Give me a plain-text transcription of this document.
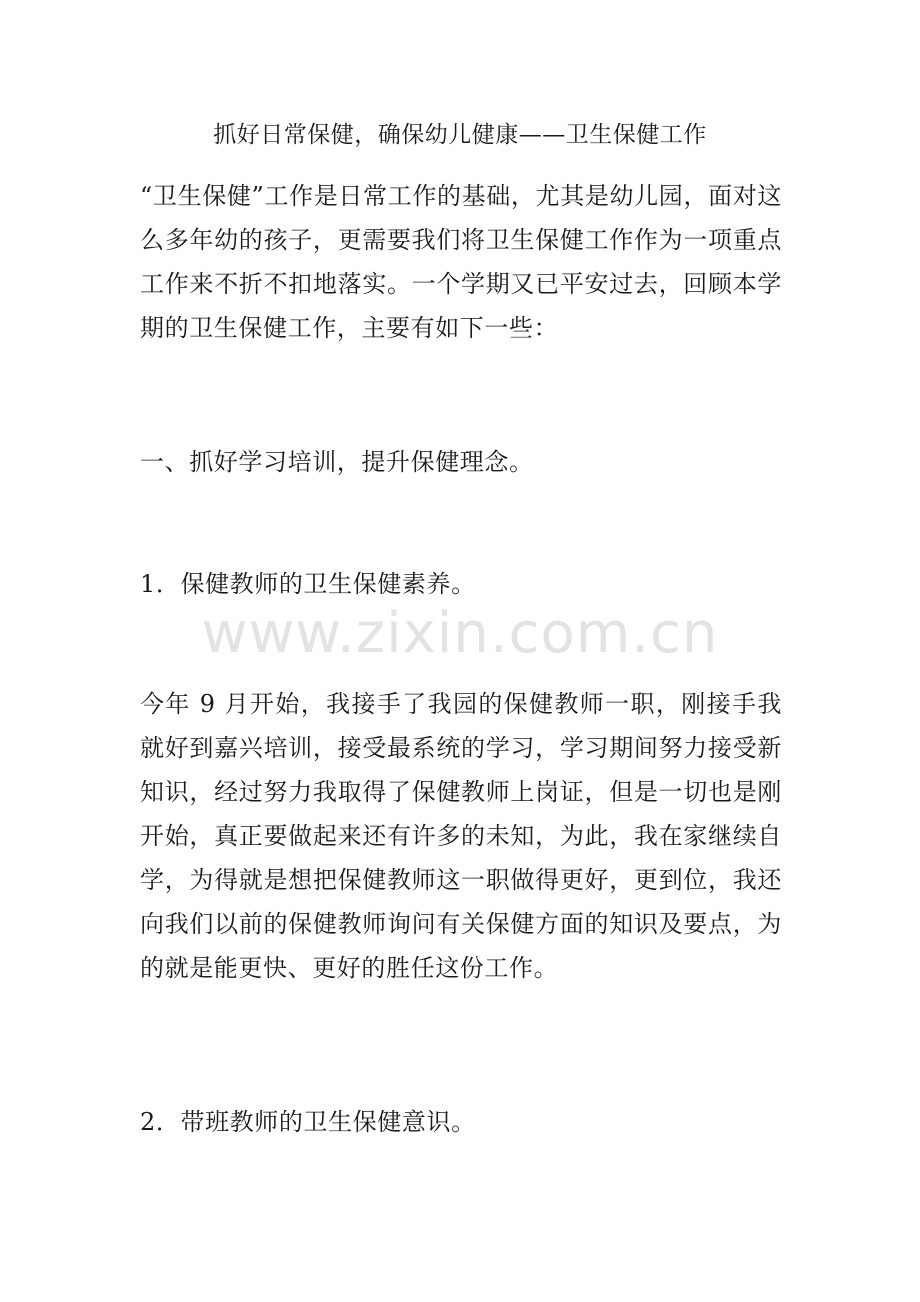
抓好日常保健，确保幼儿健康——卫生保健工作

“卫生保健”工作是日常工作的基础，尤其是幼儿园，面对这么多年幼的孩子，更需要我们将卫生保健工作作为一项重点工作来不折不扣地落实。一个学期又已平安过去，回顾本学期的卫生保健工作，主要有如下一些：

一、抓好学习培训，提升保健理念。

1．保健教师的卫生保健素养。

今年 9 月开始，我接手了我园的保健教师一职，刚接手我就好到嘉兴培训，接受最系统的学习，学习期间努力接受新知识，经过努力我取得了保健教师上岗证，但是一切也是刚开始，真正要做起来还有许多的未知，为此，我在家继续自学，为得就是想把保健教师这一职做得更好，更到位，我还向我们以前的保健教师询问有关保健方面的知识及要点，为的就是能更快、更好的胜任这份工作。

2．带班教师的卫生保健意识。

www.zixin.com.cn
